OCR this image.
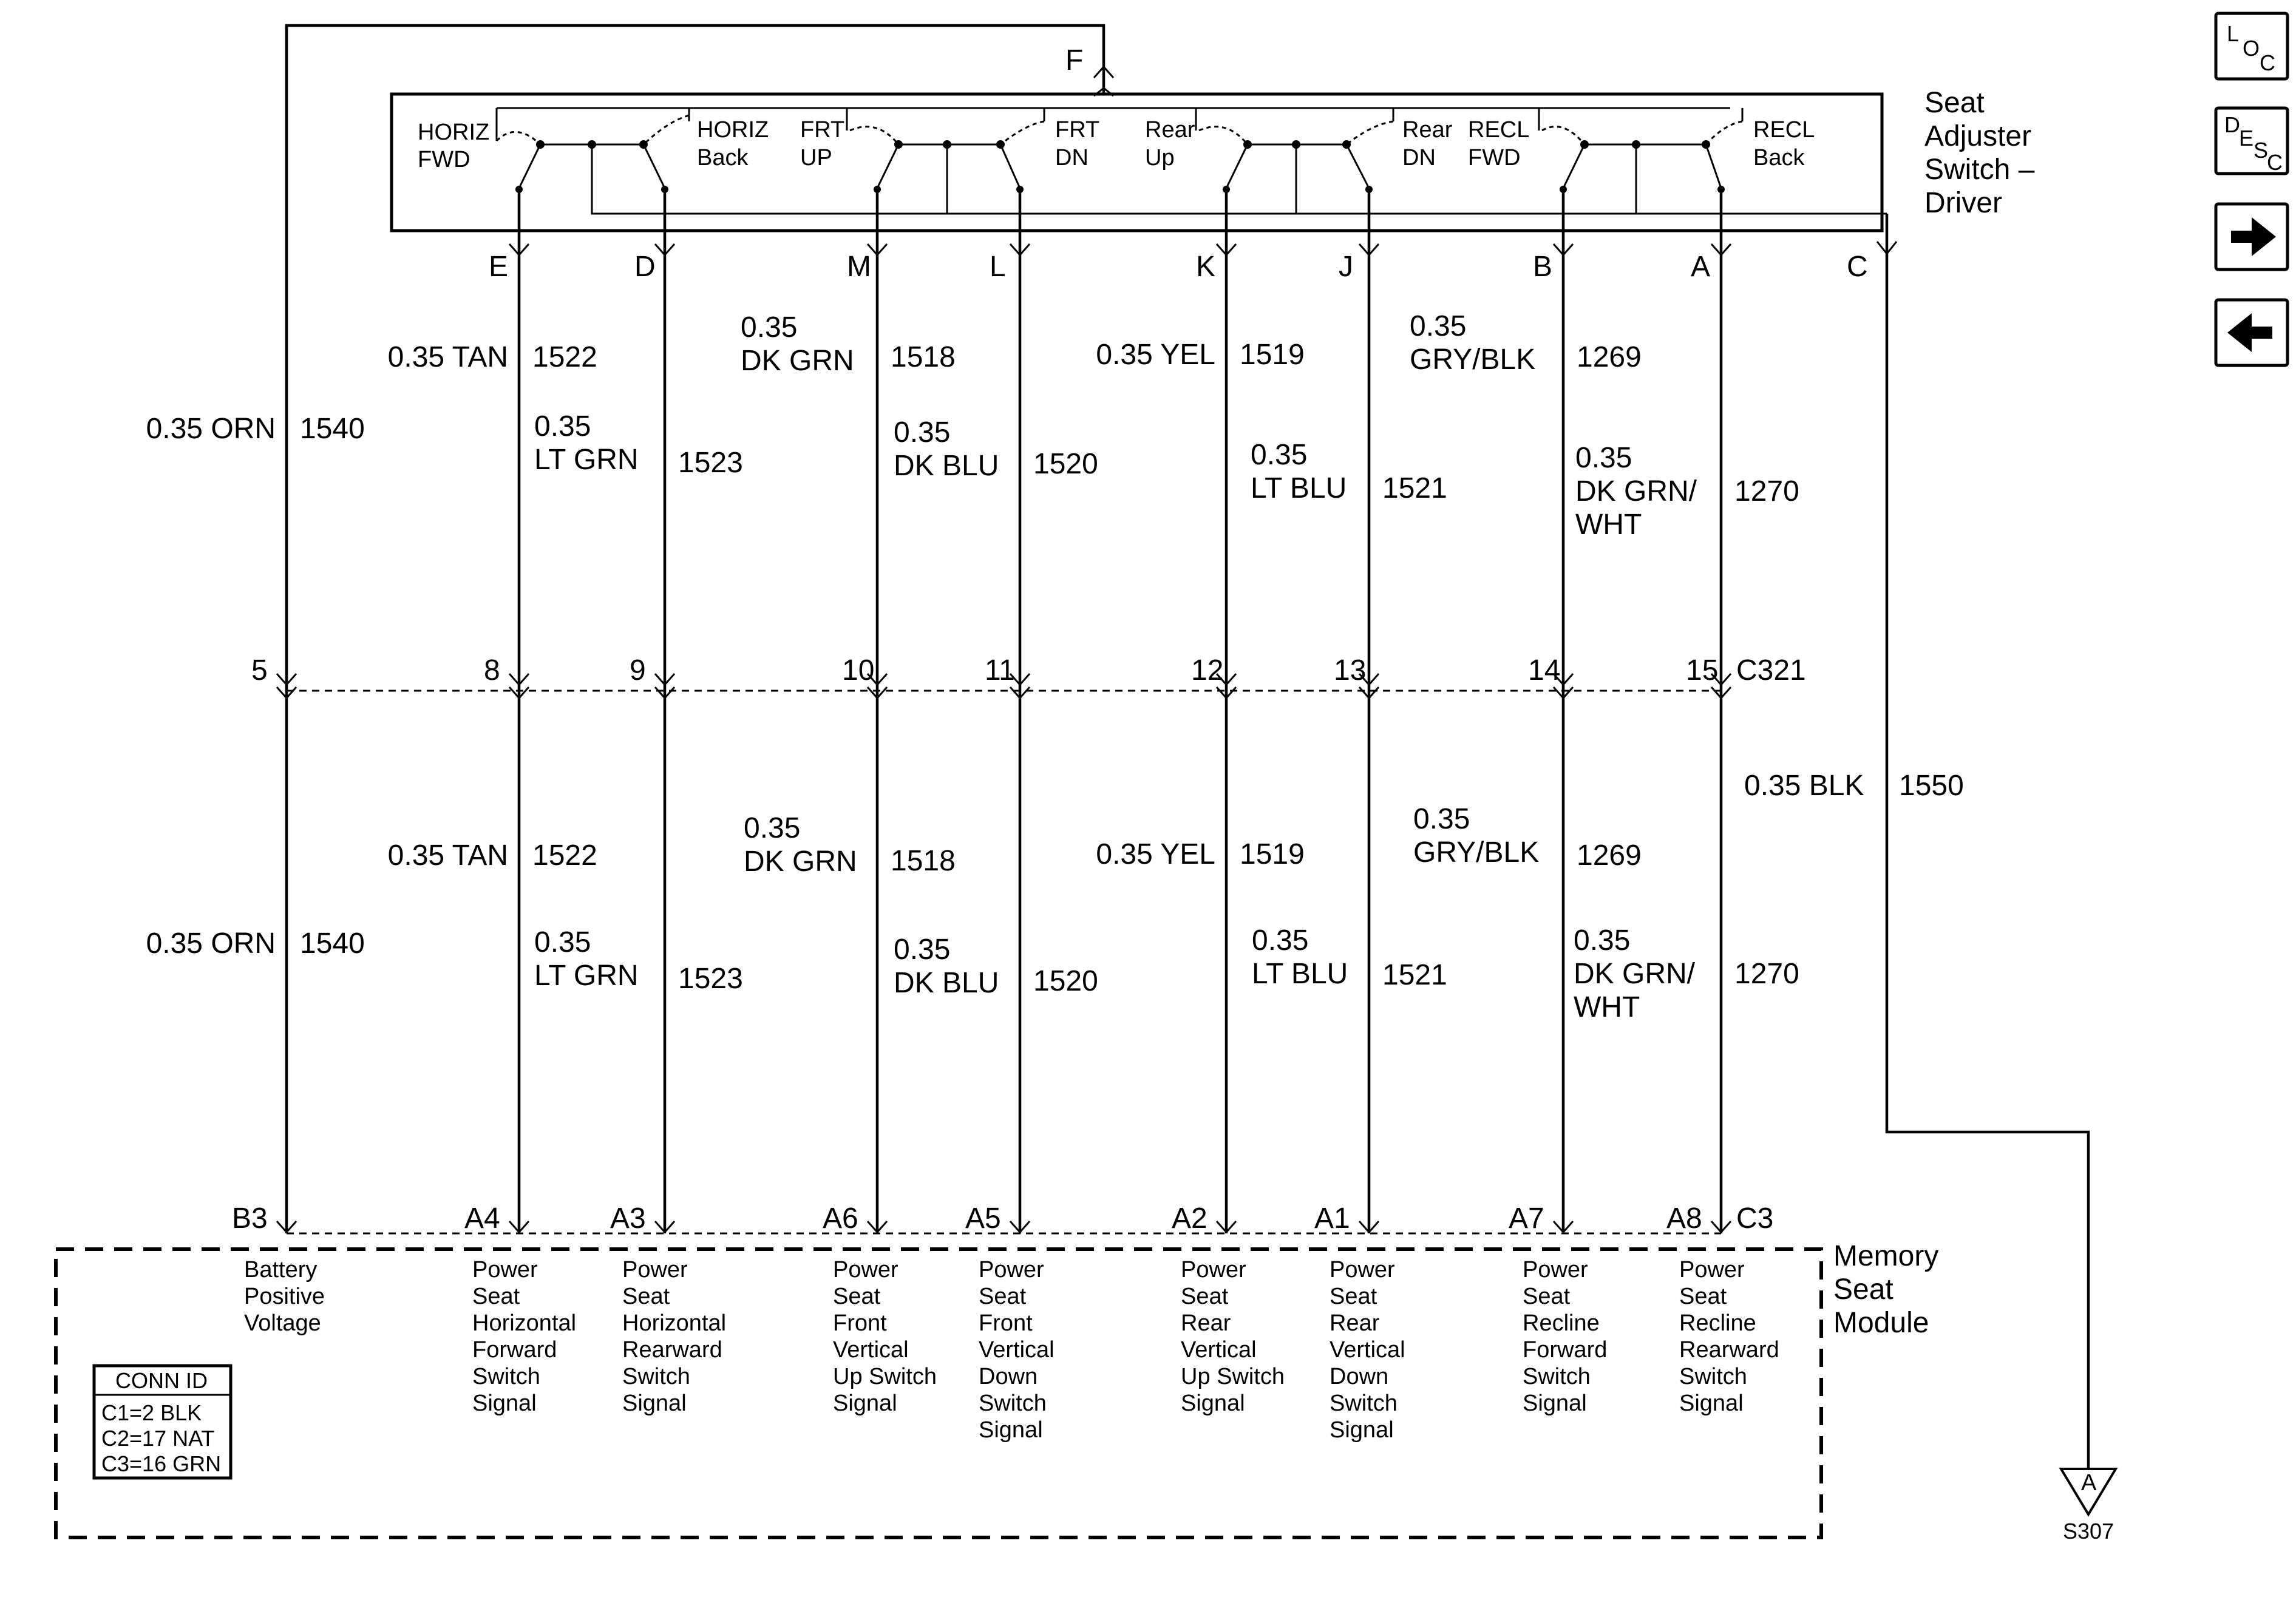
L
O
C
D
E S
C
Seat
Adjuster
Switch –
Driver
F
HORIZ
FWD
HORIZ
Back
FRT
UP
FRT
DN
Rear
Up
Rear
DN
RECL
FWD
RECL
Back
C321
Memory
Seat
Module
C3
CONN ID
C1=2 BLK
C2=17 NAT
C3=16 GRN
C
0.35 BLK 1550
A
S307
5
B3
0.35 ORN 1540
0.35 ORN 1540
Battery
Positive
Voltage
E
8
A4
0.35 TAN 1522
0.35 TAN 1522
Power
Seat
Horizontal
Forward
Switch
Signal
D
9
A3
0.35
LT GRN 1523
0.35
LT GRN 1523
Power
Seat
Horizontal
Rearward
Switch
Signal
M
10
A6
0.35
DK GRN 1518
0.35
DK GRN 1518
Power
Seat
Front
Vertical
Up Switch
Signal
L
11
A5
0.35
DK BLU 1520
0.35
DK BLU 1520
Power
Seat
Front
Vertical
Down
Switch
Signal
K
12
A2
0.35 YEL 1519
0.35 YEL 1519
Power
Seat
Rear
Vertical
Up Switch
Signal
J
13
A1
0.35
LT BLU 1521
0.35
LT BLU 1521
Power
Seat
Rear
Vertical
Down
Switch
Signal
B
14
A7
0.35
GRY/BLK 1269
0.35
GRY/BLK 1269
Power
Seat
Recline
Forward
Switch
Signal
A
15
A8
0.35
DK GRN/
WHT
1270
0.35
DK GRN/
WHT
1270
Power
Seat
Recline
Rearward
Switch
Signal
